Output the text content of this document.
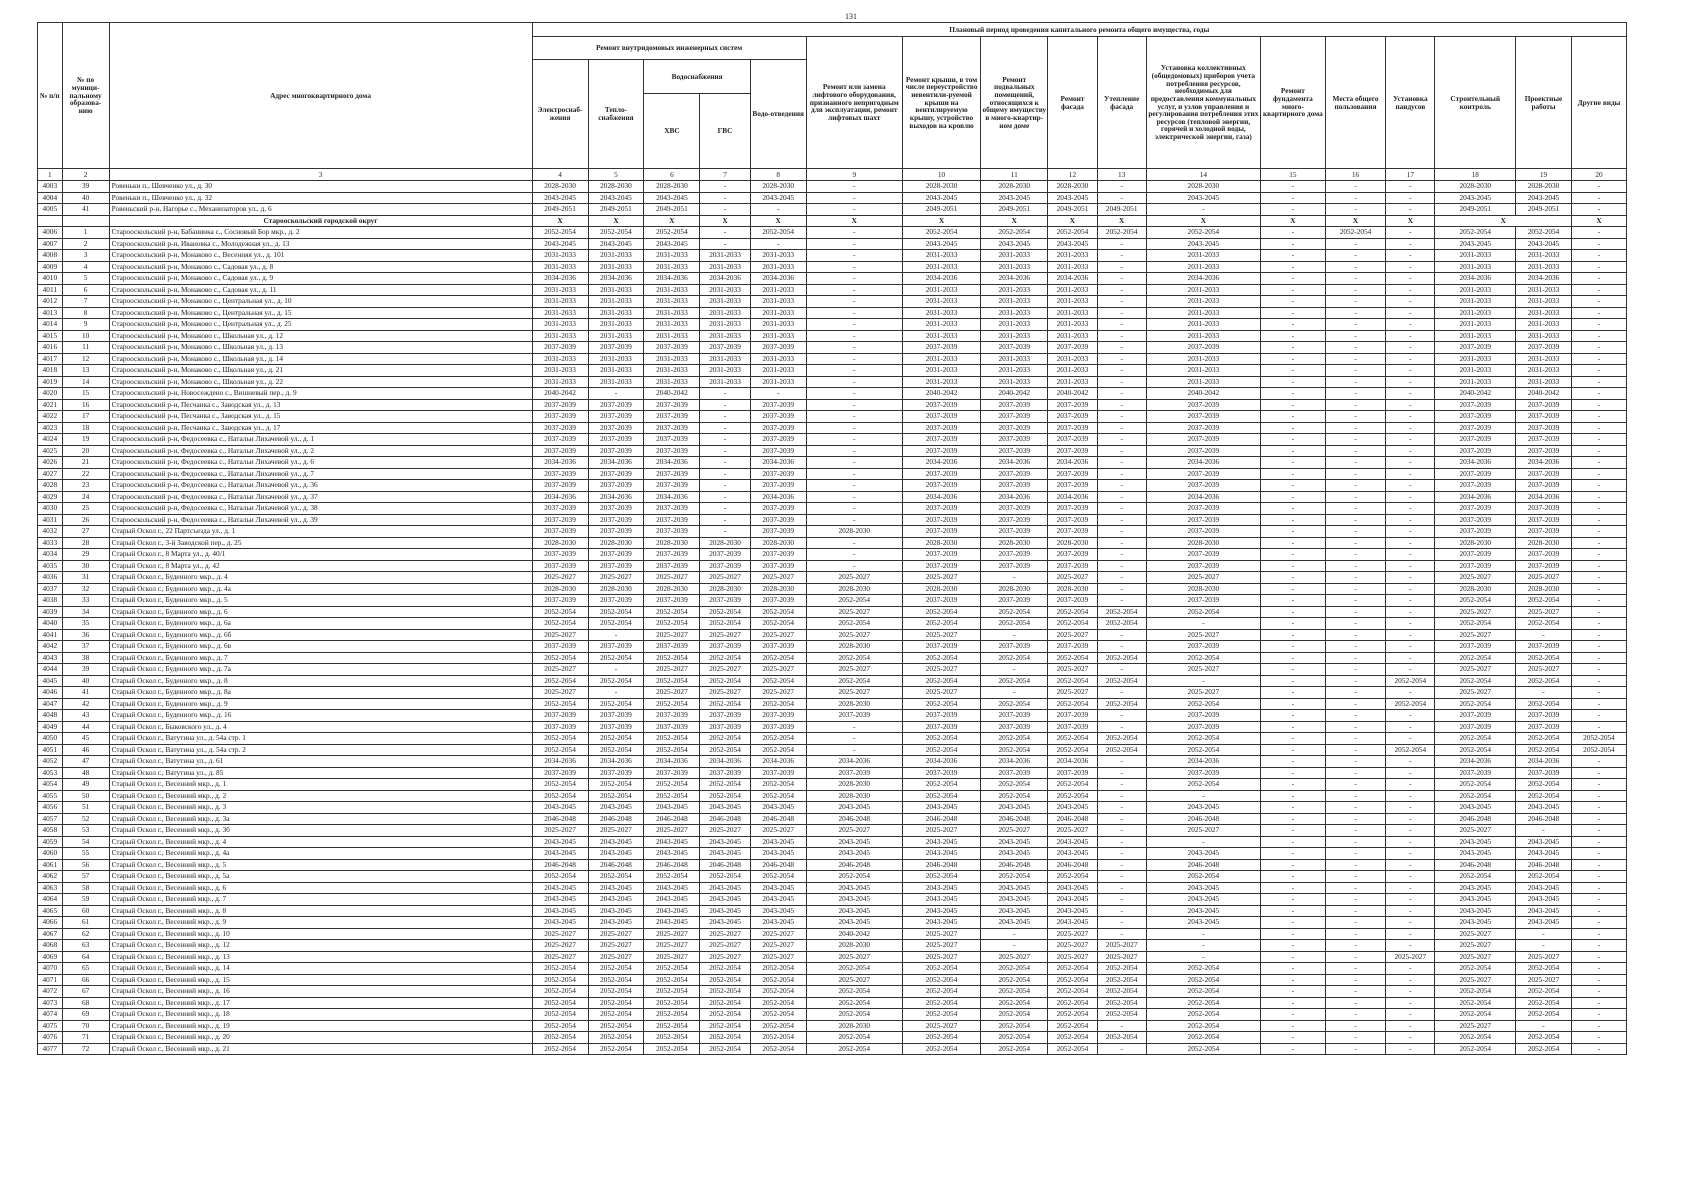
131
№ п/п	№ по муници-пальному образова-нию	Адрес многоквартирного дома	Плановый период проведения капитального ремонта общего имущества, годы																
			Ремонт внутридомовых инженерных систем					Ремонт или замена лифтового оборудования, признанного непригодным для эксплуатации, ремонт лифтовых шахт	Ремонт крыши, в том числе переустройство невентили-руемой крыши на вентилируемую крышу, устройство выходов на кровлю	Ремонт подвальных помещений, относящихся к общему имуществу в много-квартир-ном доме	Ремонт фасада	Утепление фасада	Установка коллективных (общедомовых) приборов учета потребления ресурсов, необходимых для предоставления коммунальных услуг, и узлов управления и регулирования потребления этих ресурсов (тепловой энергии, горячей и холодной воды, электрической энергии, газа)	Ремонт фундамента много-квартирного дома	Места общего пользования	Установка пандусов	Строительный контроль	Проектные работы	Другие виды
			Электроснаб-жения	Тепло-снабжения	Водоснабжения		Водо-отведения												
					ХВС	ГВС													
1	2	3	4	5	6	7	8	9	10	11	12	13	14	15	16	17	18	19	20
4003	39	Ровеньки п., Шевченко ул., д. 30	2028-2030	2028-2030	2028-2030	-	2028-2030	-	2028-2030	2028-2030	2028-2030	-	2028-2030	-	-	-	2028-2030	2028-2030	-
4004	40	Ровеньки п., Шевченко ул., д. 32	2043-2045	2043-2045	2043-2045	-	2043-2045	-	2043-2045	2043-2045	2043-2045	-	2043-2045	-	-	-	2043-2045	2043-2045	-
4005	41	Ровеньский р-н, Нагорье с., Механизаторов ул., д. 6	2049-2051	2049-2051	2049-2051	-	-	-	2049-2051	2049-2051	2049-2051	2049-2051	-	-	-	-	2049-2051	2049-2051	-
		Старооскольский городской округ	X	X	X	X	X	X	X	X	X	X	X	X	X	X	X		X
4006	1	Старооскольский р-н, Бабанинка с., Сосновый Бор мкр., д. 2	2052-2054	2052-2054	2052-2054	-	2052-2054	-	2052-2054	2052-2054	2052-2054	2052-2054	2052-2054	-	2052-2054	-	2052-2054	2052-2054	-
4007	2	Старооскольский р-н, Ивановка с., Молодежная ул., д. 13	2043-2045	2043-2045	2043-2045	-	-	-	2043-2045	2043-2045	2043-2045	-	2043-2045	-	-	-	2043-2045	2043-2045	-
4008	3	Старооскольский р-н, Монаково с., Весенняя ул., д. 101	2031-2033	2031-2033	2031-2033	2031-2033	2031-2033	-	2031-2033	2031-2033	2031-2033	-	2031-2033	-	-	-	2031-2033	2031-2033	-
4009	4	Старооскольский р-н, Монаково с., Садовая ул., д. 8	2031-2033	2031-2033	2031-2033	2031-2033	2031-2033	-	2031-2033	2031-2033	2031-2033	-	2031-2033	-	-	-	2031-2033	2031-2033	-
4010	5	Старооскольский р-н, Монаково с., Садовая ул., д. 9	2034-2036	2034-2036	2034-2036	2034-2036	2034-2036	-	2034-2036	2034-2036	2034-2036	-	2034-2036	-	-	-	2034-2036	2034-2036	-
4011	6	Старооскольский р-н, Монаково с., Садовая ул., д. 11	2031-2033	2031-2033	2031-2033	2031-2033	2031-2033	-	2031-2033	2031-2033	2031-2033	-	2031-2033	-	-	-	2031-2033	2031-2033	-
4012	7	Старооскольский р-н, Монаково с., Центральная ул., д. 10	2031-2033	2031-2033	2031-2033	2031-2033	2031-2033	-	2031-2033	2031-2033	2031-2033	-	2031-2033	-	-	-	2031-2033	2031-2033	-
4013	8	Старооскольский р-н, Монаково с., Центральная ул., д. 15	2031-2033	2031-2033	2031-2033	2031-2033	2031-2033	-	2031-2033	2031-2033	2031-2033	-	2031-2033	-	-	-	2031-2033	2031-2033	-
4014	9	Старооскольский р-н, Монаково с., Центральная ул., д. 25	2031-2033	2031-2033	2031-2033	2031-2033	2031-2033	-	2031-2033	2031-2033	2031-2033	-	2031-2033	-	-	-	2031-2033	2031-2033	-
4015	10	Старооскольский р-н, Монаково с., Школьная ул., д. 12	2031-2033	2031-2033	2031-2033	2031-2033	2031-2033	-	2031-2033	2031-2033	2031-2033	-	2031-2033	-	-	-	2031-2033	2031-2033	-
4016	11	Старооскольский р-н, Монаково с., Школьная ул., д. 13	2037-2039	2037-2039	2037-2039	2037-2039	2037-2039	-	2037-2039	2037-2039	2037-2039	-	2037-2039	-	-	-	2037-2039	2037-2039	-
4017	12	Старооскольский р-н, Монаково с., Школьная ул., д. 14	2031-2033	2031-2033	2031-2033	2031-2033	2031-2033	-	2031-2033	2031-2033	2031-2033	-	2031-2033	-	-	-	2031-2033	2031-2033	-
4018	13	Старооскольский р-н, Монаково с., Школьная ул., д. 21	2031-2033	2031-2033	2031-2033	2031-2033	2031-2033	-	2031-2033	2031-2033	2031-2033	-	2031-2033	-	-	-	2031-2033	2031-2033	-
4019	14	Старооскольский р-н, Монаково с., Школьная ул., д. 22	2031-2033	2031-2033	2031-2033	2031-2033	2031-2033	-	2031-2033	2031-2033	2031-2033	-	2031-2033	-	-	-	2031-2033	2031-2033	-
4020	15	Старооскольский р-н, Новосеждено с., Вишневый пер., д. 9	2040-2042	-	2040-2042	-	-	-	2040-2042	2040-2042	2040-2042	-	2040-2042	-	-	-	2040-2042	2040-2042	-
4021	16	Старооскольский р-н, Песчанка с., Заводская ул., д. 13	2037-2039	2037-2039	2037-2039	-	2037-2039	-	2037-2039	2037-2039	2037-2039	-	2037-2039	-	-	-	2037-2039	2037-2039	-
4022	17	Старооскольский р-н, Песчанка с., Заводская ул., д. 15	2037-2039	2037-2039	2037-2039	-	2037-2039	-	2037-2039	2037-2039	2037-2039	-	2037-2039	-	-	-	2037-2039	2037-2039	-
4023	18	Старооскольский р-н, Песчанка с., Заводская ул., д. 17	2037-2039	2037-2039	2037-2039	-	2037-2039	-	2037-2039	2037-2039	2037-2039	-	2037-2039	-	-	-	2037-2039	2037-2039	-
4024	19	Старооскольский р-н, Федосеевка с., Натальи Лихачевой ул., д. 1	2037-2039	2037-2039	2037-2039	-	2037-2039	-	2037-2039	2037-2039	2037-2039	-	2037-2039	-	-	-	2037-2039	2037-2039	-
4025	20	Старооскольский р-н, Федосеевка с., Натальи Лихачевой ул., д. 2	2037-2039	2037-2039	2037-2039	-	2037-2039	-	2037-2039	2037-2039	2037-2039	-	2037-2039	-	-	-	2037-2039	2037-2039	-
4026	21	Старооскольский р-н, Федосеевка с., Натальи Лихачевой ул., д. 6	2034-2036	2034-2036	2034-2036	-	2034-2036	-	2034-2036	2034-2036	2034-2036	-	2034-2036	-	-	-	2034-2036	2034-2036	-
4027	22	Старооскольский р-н, Федосеевка с., Натальи Лихачевой ул., д. 7	2037-2039	2037-2039	2037-2039	-	2037-2039	-	2037-2039	2037-2039	2037-2039	-	2037-2039	-	-	-	2037-2039	2037-2039	-
4028	23	Старооскольский р-н, Федосеевка с., Натальи Лихачевой ул., д. 36	2037-2039	2037-2039	2037-2039	-	2037-2039	-	2037-2039	2037-2039	2037-2039	-	2037-2039	-	-	-	2037-2039	2037-2039	-
4029	24	Старооскольский р-н, Федосеевка с., Натальи Лихачевой ул., д. 37	2034-2036	2034-2036	2034-2036	-	2034-2036	-	2034-2036	2034-2036	2034-2036	-	2034-2036	-	-	-	2034-2036	2034-2036	-
4030	25	Старооскольский р-н, Федосеевка с., Натальи Лихачевой ул., д. 38	2037-2039	2037-2039	2037-2039	-	2037-2039	-	2037-2039	2037-2039	2037-2039	-	2037-2039	-	-	-	2037-2039	2037-2039	-
4031	26	Старооскольский р-н, Федосеевка с., Натальи Лихачевой ул., д. 39	2037-2039	2037-2039	2037-2039	-	2037-2039	-	2037-2039	2037-2039	2037-2039	-	2037-2039	-	-	-	2037-2039	2037-2039	-
4032	27	Старый Оскол г., 22 Партсъезда ул., д. 1	2037-2039	2037-2039	2037-2039	-	2037-2039	2028-2030	2037-2039	2037-2039	2037-2039	-	2037-2039	-	-	-	2037-2039	2037-2039	-
4033	28	Старый Оскол г., 3-й Заводской пер., д. 25	2028-2030	2028-2030	2028-2030	2028-2030	2028-2030	-	2028-2030	2028-2030	2028-2030	-	2028-2030	-	-	-	2028-2030	2028-2030	-
4034	29	Старый Оскол г., 8 Марта ул., д. 40/1	2037-2039	2037-2039	2037-2039	2037-2039	2037-2039	-	2037-2039	2037-2039	2037-2039	-	2037-2039	-	-	-	2037-2039	2037-2039	-
4035	30	Старый Оскол г., 8 Марта ул., д. 42	2037-2039	2037-2039	2037-2039	2037-2039	2037-2039	-	2037-2039	2037-2039	2037-2039	-	2037-2039	-	-	-	2037-2039	2037-2039	-
4036	31	Старый Оскол г., Буденного мкр., д. 4	2025-2027	2025-2027	2025-2027	2025-2027	2025-2027	2025-2027	2025-2027	-	2025-2027	-	2025-2027	-	-	-	2025-2027	2025-2027	-
4037	32	Старый Оскол г., Буденного мкр., д. 4а	2028-2030	2028-2030	2028-2030	2028-2030	2028-2030	2028-2030	2028-2030	2028-2030	2028-2030	-	2028-2030	-	-	-	2028-2030	2028-2030	-
4038	33	Старый Оскол г., Буденного мкр., д. 5	2037-2039	2037-2039	2037-2039	2037-2039	2037-2039	2052-2054	2037-2039	2037-2039	2037-2039	-	2037-2039	-	-	-	2052-2054	2052-2054	-
4039	34	Старый Оскол г., Буденного мкр., д. 6	2052-2054	2052-2054	2052-2054	2052-2054	2052-2054	2025-2027	2052-2054	2052-2054	2052-2054	2052-2054	2052-2054	-	-	-	2025-2027	2025-2027	-
4040	35	Старый Оскол г., Буденного мкр., д. 6а	2052-2054	2052-2054	2052-2054	2052-2054	2052-2054	2052-2054	2052-2054	2052-2054	2052-2054	2052-2054	-	-	-	-	2052-2054	2052-2054	-
4041	36	Старый Оскол г., Буденного мкр., д. 6б	2025-2027	-	2025-2027	2025-2027	2025-2027	2025-2027	2025-2027	-	2025-2027	-	2025-2027	-	-	-	2025-2027	-	-
4042	37	Старый Оскол г., Буденного мкр., д. 6в	2037-2039	2037-2039	2037-2039	2037-2039	2037-2039	2028-2030	2037-2039	2037-2039	2037-2039	-	2037-2039	-	-	-	2037-2039	2037-2039	-
4043	38	Старый Оскол г., Буденного мкр., д. 7	2052-2054	2052-2054	2052-2054	2052-2054	2052-2054	2052-2054	2052-2054	2052-2054	2052-2054	2052-2054	2052-2054	-	-	-	2052-2054	2052-2054	-
4044	39	Старый Оскол г., Буденного мкр., д. 7а	2025-2027	-	2025-2027	2025-2027	2025-2027	2025-2027	2025-2027	-	2025-2027	-	2025-2027	-	-	-	2025-2027	2025-2027	-
4045	40	Старый Оскол г., Буденного мкр., д. 8	2052-2054	2052-2054	2052-2054	2052-2054	2052-2054	2052-2054	2052-2054	2052-2054	2052-2054	2052-2054	-	-	-	2052-2054	2052-2054	2052-2054	-
4046	41	Старый Оскол г., Буденного мкр., д. 8а	2025-2027	-	2025-2027	2025-2027	2025-2027	2025-2027	2025-2027	-	2025-2027	-	2025-2027	-	-	-	2025-2027	-	-
4047	42	Старый Оскол г., Буденного мкр., д. 9	2052-2054	2052-2054	2052-2054	2052-2054	2052-2054	2028-2030	2052-2054	2052-2054	2052-2054	2052-2054	2052-2054	-	-	2052-2054	2052-2054	2052-2054	-
4048	43	Старый Оскол г., Буденного мкр., д. 16	2037-2039	2037-2039	2037-2039	2037-2039	2037-2039	2037-2039	2037-2039	2037-2039	2037-2039	-	2037-2039	-	-	-	2037-2039	2037-2039	-
4049	44	Старый Оскол г., Быковского ул., д. 4	2037-2039	2037-2039	2037-2039	2037-2039	2037-2039	-	2037-2039	2037-2039	2037-2039	-	2037-2039	-	-	-	2037-2039	2037-2039	-
4050	45	Старый Оскол г., Ватутина ул., д. 54а стр. 1	2052-2054	2052-2054	2052-2054	2052-2054	2052-2054	-	2052-2054	2052-2054	2052-2054	2052-2054	2052-2054	-	-	-	2052-2054	2052-2054	2052-2054
4051	46	Старый Оскол г., Ватутина ул., д. 54а стр. 2	2052-2054	2052-2054	2052-2054	2052-2054	2052-2054	-	2052-2054	2052-2054	2052-2054	2052-2054	2052-2054	-	-	2052-2054	2052-2054	2052-2054	2052-2054
4052	47	Старый Оскол г., Ватутина ул., д. 61	2034-2036	2034-2036	2034-2036	2034-2036	2034-2036	2034-2036	2034-2036	2034-2036	2034-2036	-	2034-2036	-	-	-	2034-2036	2034-2036	-
4053	48	Старый Оскол г., Ватутина ул., д. 85	2037-2039	2037-2039	2037-2039	2037-2039	2037-2039	2037-2039	2037-2039	2037-2039	2037-2039	-	2037-2039	-	-	-	2037-2039	2037-2039	-
4054	49	Старый Оскол г., Весенний мкр., д. 1	2052-2054	2052-2054	2052-2054	2052-2054	2052-2054	2028-2030	2052-2054	2052-2054	2052-2054	-	2052-2054	-	-	-	2052-2054	2052-2054	-
4055	50	Старый Оскол г., Весенний мкр., д. 2	2052-2054	2052-2054	2052-2054	2052-2054	2052-2054	2028-2030	2052-2054	2052-2054	2052-2054	-	-	-	-	-	2052-2054	2052-2054	-
4056	51	Старый Оскол г., Весенний мкр., д. 3	2043-2045	2043-2045	2043-2045	2043-2045	2043-2045	2043-2045	2043-2045	2043-2045	2043-2045	-	2043-2045	-	-	-	2043-2045	2043-2045	-
4057	52	Старый Оскол г., Весенний мкр., д. 3а	2046-2048	2046-2048	2046-2048	2046-2048	2046-2048	2046-2048	2046-2048	2046-2048	2046-2048	-	2046-2048	-	-	-	2046-2048	2046-2048	-
4058	53	Старый Оскол г., Весенний мкр., д. 3б	2025-2027	2025-2027	2025-2027	2025-2027	2025-2027	2025-2027	2025-2027	2025-2027	2025-2027	-	2025-2027	-	-	-	2025-2027	-	-
4059	54	Старый Оскол г., Весенний мкр., д. 4	2043-2045	2043-2045	2043-2045	2043-2045	2043-2045	2043-2045	2043-2045	2043-2045	2043-2045	-	-	-	-	-	2043-2045	2043-2045	-
4060	55	Старый Оскол г., Весенний мкр., д. 4а	2043-2045	2043-2045	2043-2045	2043-2045	2043-2045	2043-2045	2043-2045	2043-2045	2043-2045	-	2043-2045	-	-	-	2043-2045	2043-2045	-
4061	56	Старый Оскол г., Весенний мкр., д. 5	2046-2048	2046-2048	2046-2048	2046-2048	2046-2048	2046-2048	2046-2048	2046-2048	2046-2048	-	2046-2048	-	-	-	2046-2048	2046-2048	-
4062	57	Старый Оскол г., Весенний мкр., д. 5а	2052-2054	2052-2054	2052-2054	2052-2054	2052-2054	2052-2054	2052-2054	2052-2054	2052-2054	-	2052-2054	-	-	-	2052-2054	2052-2054	-
4063	58	Старый Оскол г., Весенний мкр., д. 6	2043-2045	2043-2045	2043-2045	2043-2045	2043-2045	2043-2045	2043-2045	2043-2045	2043-2045	-	2043-2045	-	-	-	2043-2045	2043-2045	-
4064	59	Старый Оскол г., Весенний мкр., д. 7	2043-2045	2043-2045	2043-2045	2043-2045	2043-2045	2043-2045	2043-2045	2043-2045	2043-2045	-	2043-2045	-	-	-	2043-2045	2043-2045	-
4065	60	Старый Оскол г., Весенний мкр., д. 8	2043-2045	2043-2045	2043-2045	2043-2045	2043-2045	2043-2045	2043-2045	2043-2045	2043-2045	-	2043-2045	-	-	-	2043-2045	2043-2045	-
4066	61	Старый Оскол г., Весенний мкр., д. 9	2043-2045	2043-2045	2043-2045	2043-2045	2043-2045	2043-2045	2043-2045	2043-2045	2043-2045	-	2043-2045	-	-	-	2043-2045	2043-2045	-
4067	62	Старый Оскол г., Весенний мкр., д. 10	2025-2027	2025-2027	2025-2027	2025-2027	2025-2027	2040-2042	2025-2027	-	2025-2027	-	-	-	-	-	2025-2027	-	-
4068	63	Старый Оскол г., Весенний мкр., д. 12	2025-2027	2025-2027	2025-2027	2025-2027	2025-2027	2028-2030	2025-2027	-	2025-2027	2025-2027	-	-	-	-	2025-2027	-	-
4069	64	Старый Оскол г., Весенний мкр., д. 13	2025-2027	2025-2027	2025-2027	2025-2027	2025-2027	2025-2027	2025-2027	2025-2027	2025-2027	2025-2027	-	-	-	2025-2027	2025-2027	2025-2027	-
4070	65	Старый Оскол г., Весенний мкр., д. 14	2052-2054	2052-2054	2052-2054	2052-2054	2052-2054	2052-2054	2052-2054	2052-2054	2052-2054	2052-2054	2052-2054	-	-	-	2052-2054	2052-2054	-
4071	66	Старый Оскол г., Весенний мкр., д. 15	2052-2054	2052-2054	2052-2054	2052-2054	2052-2054	2025-2027	2052-2054	2052-2054	2052-2054	2052-2054	2052-2054	-	-	-	2025-2027	2025-2027	-
4072	67	Старый Оскол г., Весенний мкр., д. 16	2052-2054	2052-2054	2052-2054	2052-2054	2052-2054	2052-2054	2052-2054	2052-2054	2052-2054	2052-2054	2052-2054	-	-	-	2052-2054	2052-2054	-
4073	68	Старый Оскол г., Весенний мкр., д. 17	2052-2054	2052-2054	2052-2054	2052-2054	2052-2054	2052-2054	2052-2054	2052-2054	2052-2054	2052-2054	2052-2054	-	-	-	2052-2054	2052-2054	-
4074	69	Старый Оскол г., Весенний мкр., д. 18	2052-2054	2052-2054	2052-2054	2052-2054	2052-2054	2052-2054	2052-2054	2052-2054	2052-2054	2052-2054	2052-2054	-	-	-	2052-2054	2052-2054	-
4075	70	Старый Оскол г., Весенний мкр., д. 19	2052-2054	2052-2054	2052-2054	2052-2054	2052-2054	2028-2030	2025-2027	2052-2054	2052-2054	-	2052-2054	-	-	-	2025-2027	-	-
4076	71	Старый Оскол г., Весенний мкр., д. 20	2052-2054	2052-2054	2052-2054	2052-2054	2052-2054	2052-2054	2052-2054	2052-2054	2052-2054	2052-2054	2052-2054	-	-	-	2052-2054	2052-2054	-
4077	72	Старый Оскол г., Весенний мкр., д. 21	2052-2054	2052-2054	2052-2054	2052-2054	2052-2054	2052-2054	2052-2054	2052-2054	2052-2054	-	2052-2054	-	-	-	2052-2054	2052-2054	-
